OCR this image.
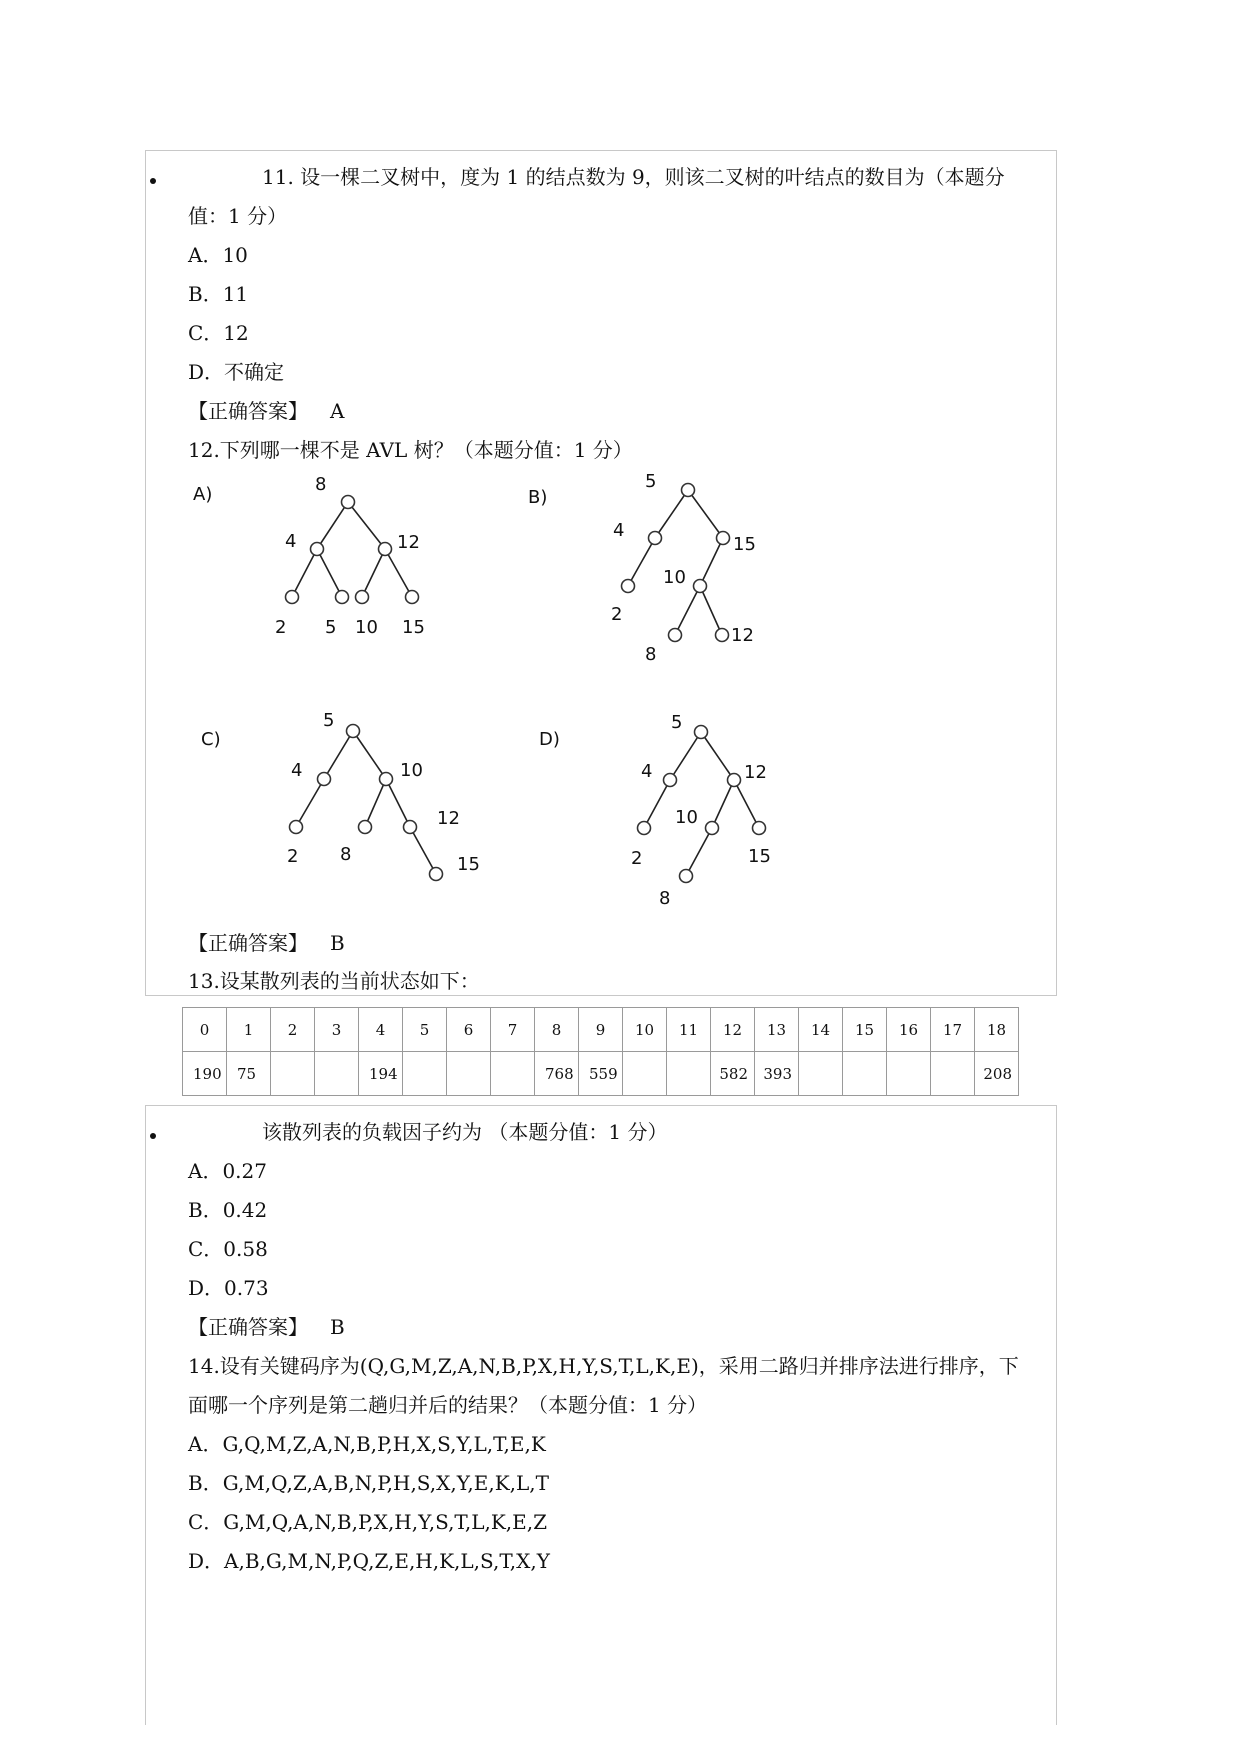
11. 设一棵二叉树中，度为 1 的结点数为 9，则该二叉树的叶结点的数目为（本题分
值：1 分）
A．10
B．11
C．12
D．不确定
【正确答案】 A
12.下列哪一棵不是 AVL 树？（本题分值：1 分）
A)	8
4	12
2 5 10 15
B)
5
4
15
10
2
8
12
C)
5
4	10
2 8
12
15
D)
5
4	12
10
2	15
8
【正确答案】 B
13.设某散列表的当前状态如下：
0	1	2	3	4	5	6	7	8	9	10	11	12	13	14	15	16	17	18
190	75			194				768	559			582	393					208
该散列表的负载因子约为 （本题分值：1 分）
A．0.27
B．0.42
C．0.58
D．0.73
【正确答案】 B
14.设有关键码序为(Q,G,M,Z,A,N,B,P,X,H,Y,S,T,L,K,E)，采用二路归并排序法进行排序，下
面哪一个序列是第二趟归并后的结果？（本题分值：1 分）
A．G,Q,M,Z,A,N,B,P,H,X,S,Y,L,T,E,K
B．G,M,Q,Z,A,B,N,P,H,S,X,Y,E,K,L,T
C．G,M,Q,A,N,B,P,X,H,Y,S,T,L,K,E,Z
D．A,B,G,M,N,P,Q,Z,E,H,K,L,S,T,X,Y
